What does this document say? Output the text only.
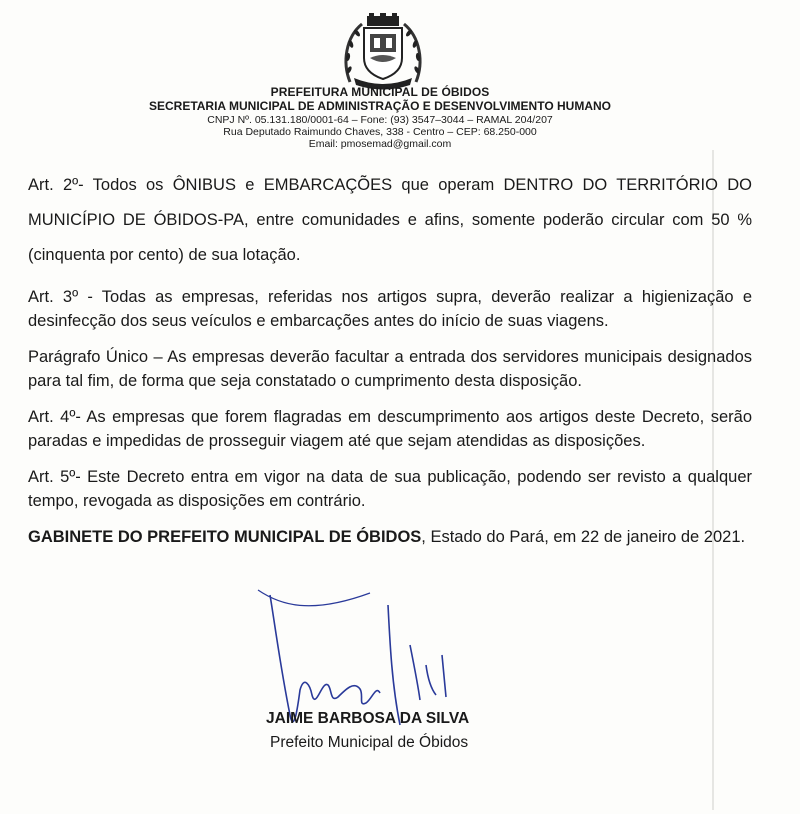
PREFEITURA MUNICIPAL DE ÓBIDOS
SECRETARIA MUNICIPAL DE ADMINISTRAÇÃO E DESENVOLVIMENTO HUMANO
CNPJ Nº. 05.131.180/0001-64 – Fone: (93) 3547–3044 – RAMAL 204/207
Rua Deputado Raimundo Chaves, 338 - Centro – CEP: 68.250-000
Email: pmosemad@gmail.com

Art. 2º- Todos os ÔNIBUS e EMBARCAÇÕES que operam DENTRO DO TERRITÓRIO DO MUNICÍPIO DE ÓBIDOS-PA, entre comunidades e afins, somente poderão circular com 50 % (cinquenta por cento) de sua lotação.

Art. 3º - Todas as empresas, referidas nos artigos supra, deverão realizar a higienização e desinfecção dos seus veículos e embarcações antes do início de suas viagens.

Parágrafo Único – As empresas deverão facultar a entrada dos servidores municipais designados para tal fim, de forma que seja constatado o cumprimento desta disposição.

Art. 4º- As empresas que forem flagradas em descumprimento aos artigos deste Decreto, serão paradas e impedidas de prosseguir viagem até que sejam atendidas as disposições.

Art. 5º- Este Decreto entra em vigor na data de sua publicação, podendo ser revisto a qualquer tempo, revogada as disposições em contrário.

GABINETE DO PREFEITO MUNICIPAL DE ÓBIDOS, Estado do Pará, em 22 de janeiro de 2021.

JAIME BARBOSA DA SILVA
Prefeito Municipal de Óbidos
